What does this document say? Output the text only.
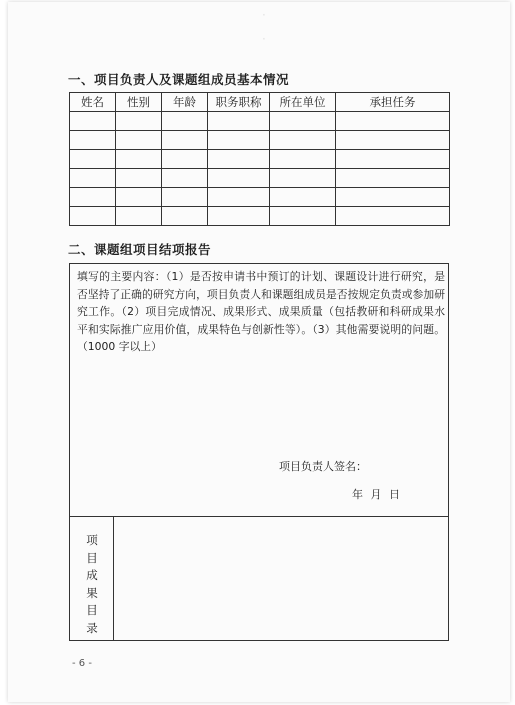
·
·
一、项目负责人及课题组成员基本情况
姓名	性别	年龄	职务职称	所在单位	承担任务

二、课题组项目结项报告
填写的主要内容：（1）是否按申请书中预订的计划、课题设计进行研究，是否坚持了正确的研究方向，项目负责人和课题组成员是否按规定负责或参加研究工作。（2）项目完成情况、成果形式、成果质量（包括教研和科研成果水平和实际推广应用价值，成果特色与创新性等）。（3）其他需要说明的问题。（1000 字以上）
项目负责人签名：
年 月 日
项
目
成
果
目
录
- 6 -
